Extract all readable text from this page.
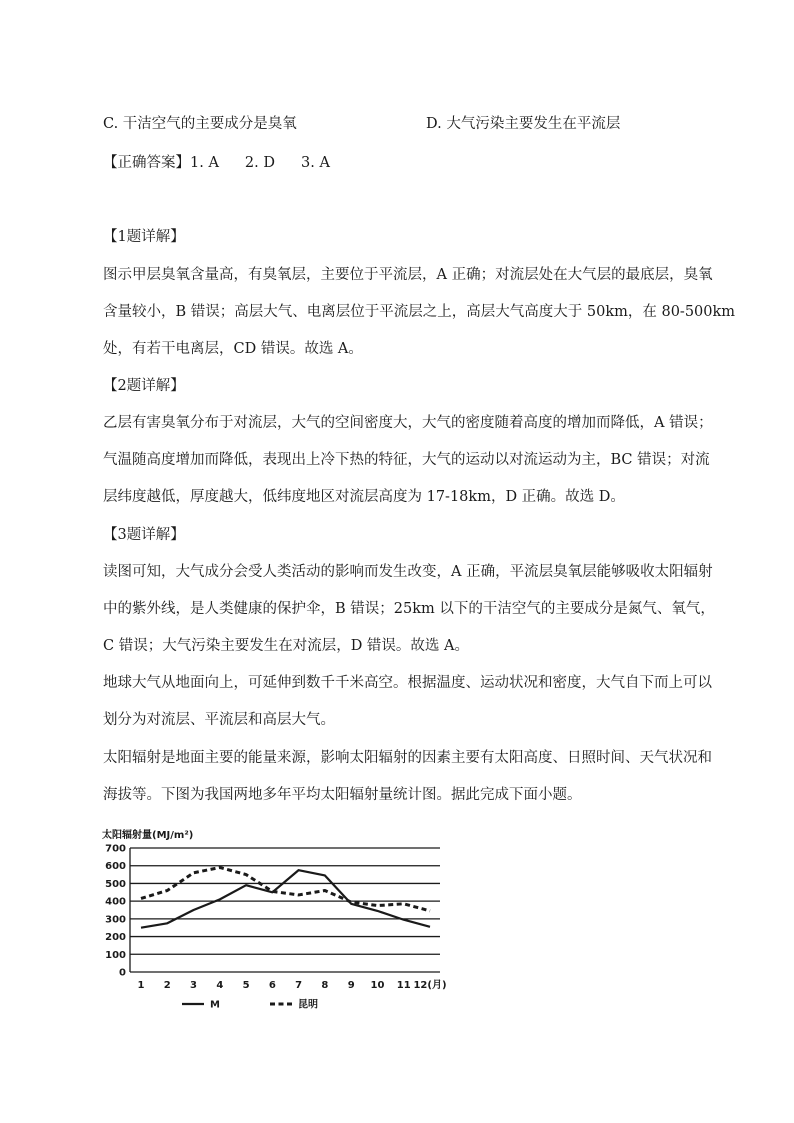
C. 干洁空气的主要成分是臭氧	D. 大气污染主要发生在平流层
【正确答案】1. A 2. D 3. A
【1题详解】
图示甲层臭氧含量高，有臭氧层，主要位于平流层，A 正确；对流层处在大气层的最底层，臭氧
含量较小，B 错误；高层大气、电离层位于平流层之上，高层大气高度大于 50km，在 80-500km
处，有若干电离层，CD 错误。故选 A。
【2题详解】
乙层有害臭氧分布于对流层，大气的空间密度大，大气的密度随着高度的增加而降低，A 错误；
气温随高度增加而降低，表现出上冷下热的特征，大气的运动以对流运动为主，BC 错误；对流
层纬度越低，厚度越大，低纬度地区对流层高度为 17-18km，D 正确。故选 D。
【3题详解】
读图可知，大气成分会受人类活动的影响而发生改变，A 正确，平流层臭氧层能够吸收太阳辐射
中的紫外线，是人类健康的保护伞，B 错误；25km 以下的干洁空气的主要成分是氮气、氧气，
C 错误；大气污染主要发生在对流层，D 错误。故选 A。
地球大气从地面向上，可延伸到数千千米高空。根据温度、运动状况和密度，大气自下而上可以
划分为对流层、平流层和高层大气。
太阳辐射是地面主要的能量来源，影响太阳辐射的因素主要有太阳高度、日照时间、天气状况和
海拔等。下图为我国两地多年平均太阳辐射量统计图。据此完成下面小题。
太阳辐射量(MJ/m²)
0
100
200
300
400
500
600
700
1 2 3 4 5 6 7 8 9 10 11 12(月)
M	昆明
